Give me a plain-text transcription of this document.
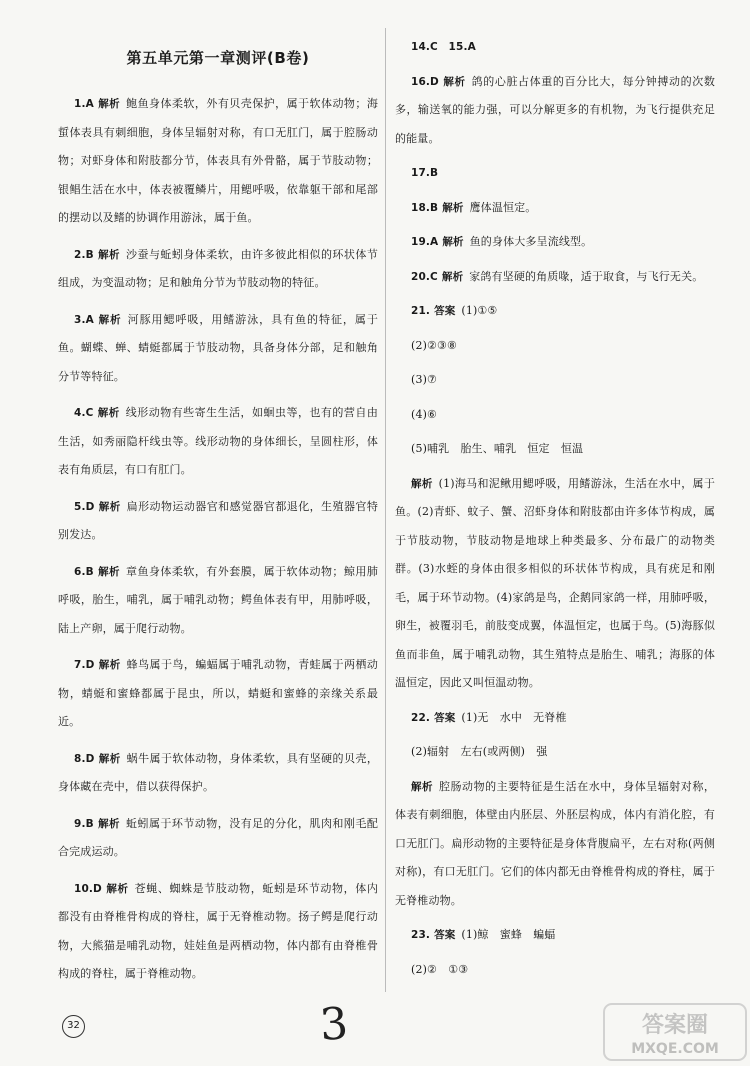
第五单元第一章测评(B卷)
1.A 解析 鲍鱼身体柔软，外有贝壳保护，属于软体动物；海蜇体表具有刺细胞，身体呈辐射对称，有口无肛门，属于腔肠动物；对虾身体和附肢都分节，体表具有外骨骼，属于节肢动物；银鲳生活在水中，体表被覆鳞片，用鳃呼吸，依靠躯干部和尾部的摆动以及鳍的协调作用游泳，属于鱼。
2.B 解析 沙蚕与蚯蚓身体柔软，由许多彼此相似的环状体节组成，为变温动物；足和触角分节为节肢动物的特征。
3.A 解析 河豚用鳃呼吸，用鳍游泳，具有鱼的特征，属于鱼。蝴蝶、蝉、蜻蜓都属于节肢动物，具备身体分部，足和触角分节等特征。
4.C 解析 线形动物有些寄生生活，如蛔虫等，也有的营自由生活，如秀丽隐杆线虫等。线形动物的身体细长，呈圆柱形，体表有角质层，有口有肛门。
5.D 解析 扁形动物运动器官和感觉器官都退化，生殖器官特别发达。
6.B 解析 章鱼身体柔软，有外套膜，属于软体动物；鲸用肺呼吸，胎生，哺乳，属于哺乳动物；鳄鱼体表有甲，用肺呼吸，陆上产卵，属于爬行动物。
7.D 解析 蜂鸟属于鸟，蝙蝠属于哺乳动物，青蛙属于两栖动物，蜻蜓和蜜蜂都属于昆虫，所以，蜻蜓和蜜蜂的亲缘关系最近。
8.D 解析 蜗牛属于软体动物，身体柔软，具有坚硬的贝壳，身体藏在壳中，借以获得保护。
9.B 解析 蚯蚓属于环节动物，没有足的分化，肌肉和刚毛配合完成运动。
10.D 解析 苍蝇、蜘蛛是节肢动物，蚯蚓是环节动物，体内都没有由脊椎骨构成的脊柱，属于无脊椎动物。扬子鳄是爬行动物，大熊猫是哺乳动物，娃娃鱼是两栖动物，体内都有由脊椎骨构成的脊柱，属于脊椎动物。
14.C　15.A
16.D 解析 鸽的心脏占体重的百分比大，每分钟搏动的次数多，输送氧的能力强，可以分解更多的有机物，为飞行提供充足的能量。
17.B
18.B 解析 鹰体温恒定。
19.A 解析 鱼的身体大多呈流线型。
20.C 解析 家鸽有坚硬的角质喙，适于取食，与飞行无关。
21. 答案 (1)①⑤
(2)②③⑧
(3)⑦
(4)⑥
(5)哺乳　胎生、哺乳　恒定　恒温
解析 (1)海马和泥鳅用鳃呼吸，用鳍游泳，生活在水中，属于鱼。(2)青虾、蚊子、蟹、沼虾身体和附肢都由许多体节构成，属于节肢动物，节肢动物是地球上种类最多、分布最广的动物类群。(3)水蛭的身体由很多相似的环状体节构成，具有疣足和刚毛，属于环节动物。(4)家鸽是鸟，企鹅同家鸽一样，用肺呼吸，卵生，被覆羽毛，前肢变成翼，体温恒定，也属于鸟。(5)海豚似鱼而非鱼，属于哺乳动物，其生殖特点是胎生、哺乳；海豚的体温恒定，因此又叫恒温动物。
22. 答案 (1)无　水中　无脊椎
(2)辐射　左右(或两侧)　强
解析 腔肠动物的主要特征是生活在水中，身体呈辐射对称，体表有刺细胞，体壁由内胚层、外胚层构成，体内有消化腔，有口无肛门。扁形动物的主要特征是身体背腹扁平，左右对称(两侧对称)，有口无肛门。它们的体内都无由脊椎骨构成的脊柱，属于无脊椎动物。
23. 答案 (1)鲸　蜜蜂　蝙蝠
(2)②　①③
32	3	答案圈
MXQE.COM
